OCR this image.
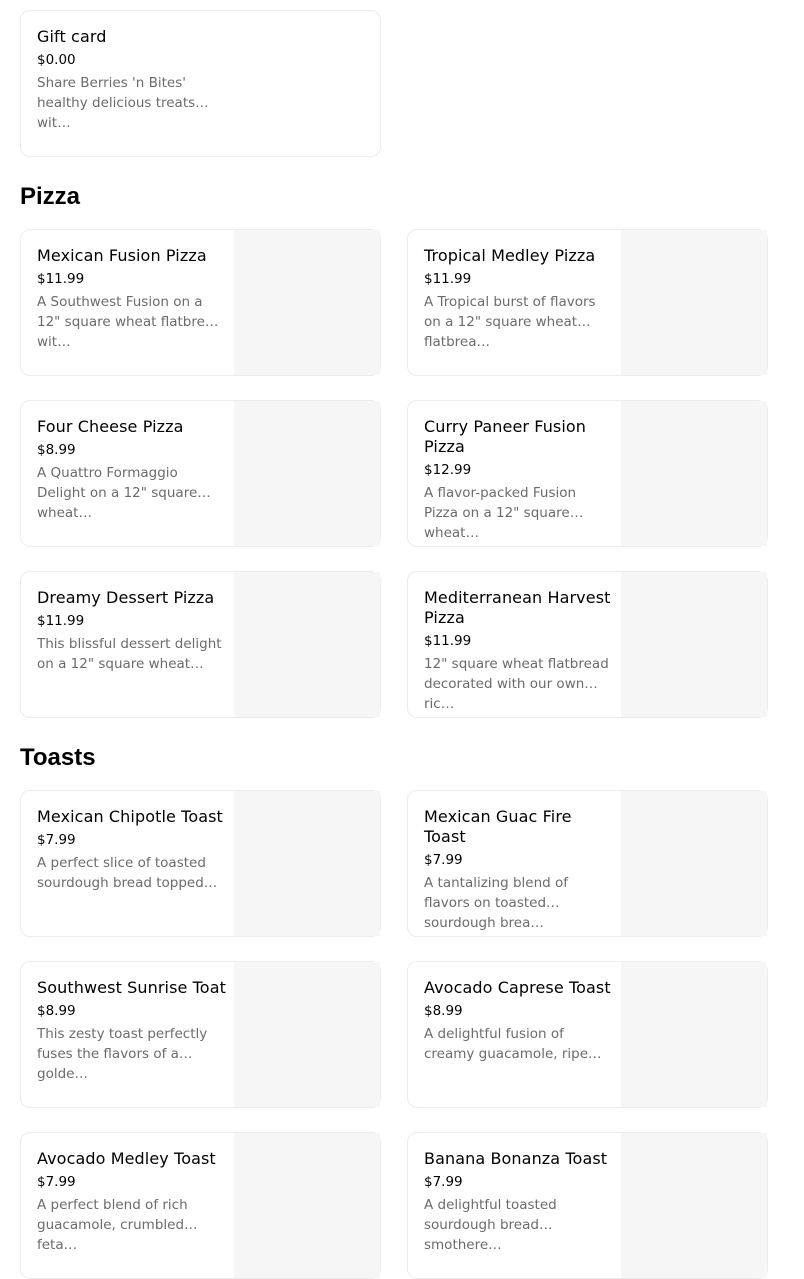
Gift card
$0.00
Share Berries 'n Bites' healthy delicious treats wit…
Pizza
Mexican Fusion Pizza
$11.99
A Southwest Fusion on a 12" square wheat flatbread wit…
Tropical Medley Pizza
$11.99
A Tropical burst of flavors on a 12" square wheat flatbrea…
Four Cheese Pizza
$8.99
A Quattro Formaggio Delight on a 12" square wheat…
Curry Paneer Fusion Pizza
$12.99
A flavor-packed Fusion Pizza on a 12" square wheat…
Dreamy Dessert Pizza
$11.99
This blissful dessert delight on a 12" square wheat…
Mediterranean Harvest Pizza
$11.99
12" square wheat flatbread decorated with our own ric…
Toasts
Mexican Chipotle Toast
$7.99
A perfect slice of toasted sourdough bread topped…
Mexican Guac Fire Toast
$7.99
A tantalizing blend of flavors on toasted sourdough brea…
Southwest Sunrise Toat
$8.99
This zesty toast perfectly fuses the flavors of a golde…
Avocado Caprese Toast
$8.99
A delightful fusion of creamy guacamole, ripe…
Avocado Medley Toast
$7.99
A perfect blend of rich guacamole, crumbled feta…
Banana Bonanza Toast
$7.99
A delightful toasted sourdough bread smothere…
